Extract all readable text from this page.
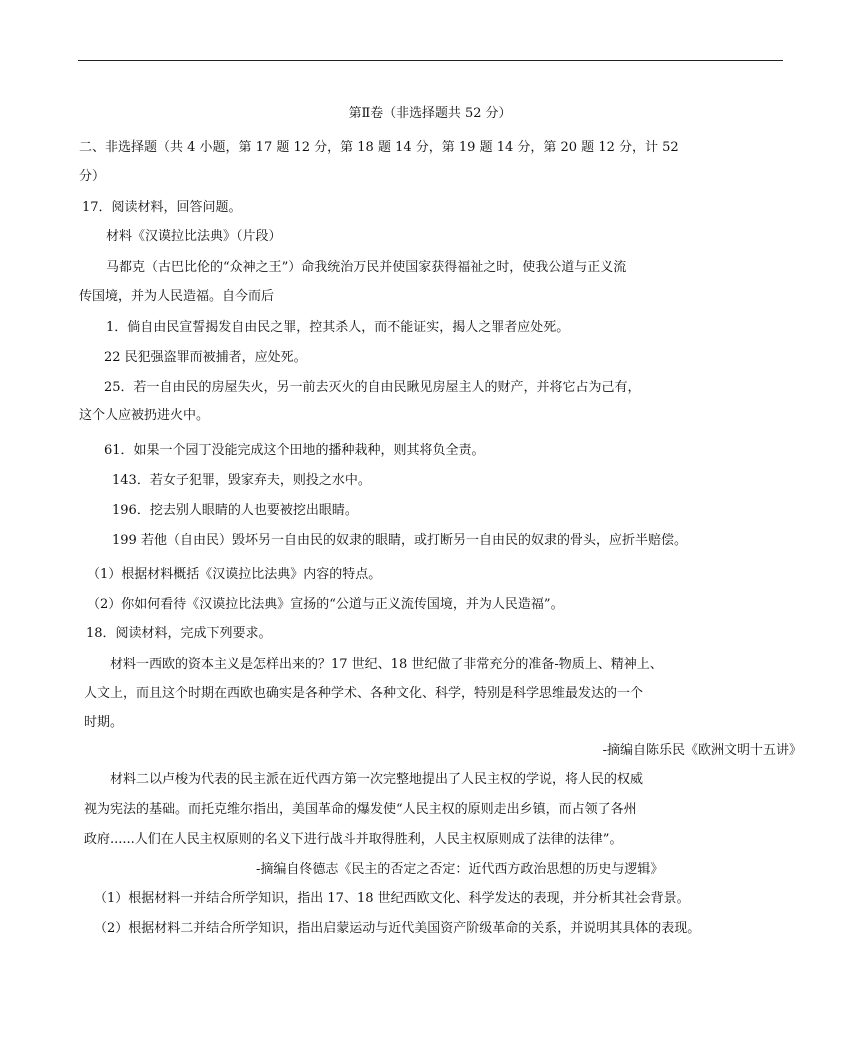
第Ⅱ卷（非选择题共 52 分）
二、非选择题（共 4 小题，第 17 题 12 分，第 18 题 14 分，第 19 题 14 分，第 20 题 12 分，计 52
分）
17．阅读材料，回答问题。
材料《汉谟拉比法典》（片段）
马都克（古巴比伦的“众神之王”）命我统治万民并使国家获得福祉之时，使我公道与正义流
传国境，并为人民造福。自今而后
1．倘自由民宣誓揭发自由民之罪，控其杀人，而不能证实，揭人之罪者应处死。
22 民犯强盗罪而被捕者，应处死。
25．若一自由民的房屋失火，另一前去灭火的自由民瞅见房屋主人的财产，并将它占为己有，
这个人应被扔进火中。
61．如果一个园丁没能完成这个田地的播种栽种，则其将负全责。
143．若女子犯罪，毁家弃夫，则投之水中。
196．挖去别人眼睛的人也要被挖出眼睛。
199 若他（自由民）毁坏另一自由民的奴隶的眼睛，或打断另一自由民的奴隶的骨头，应折半赔偿。
（1）根据材料概括《汉谟拉比法典》内容的特点。
（2）你如何看待《汉谟拉比法典》宣扬的“公道与正义流传国境，并为人民造福”。
18．阅读材料，完成下列要求。
材料一西欧的资本主义是怎样出来的？17 世纪、18 世纪做了非常充分的准备-物质上、精神上、
人文上，而且这个时期在西欧也确实是各种学术、各种文化、科学，特别是科学思维最发达的一个
时期。
-摘编自陈乐民《欧洲文明十五讲》
材料二以卢梭为代表的民主派在近代西方第一次完整地提出了人民主权的学说，将人民的权威
视为宪法的基础。而托克维尔指出，美国革命的爆发使“人民主权的原则走出乡镇，而占领了各州
政府......人们在人民主权原则的名义下进行战斗并取得胜利，人民主权原则成了法律的法律”。
-摘编自佟德志《民主的否定之否定：近代西方政治思想的历史与逻辑》
（1）根据材料一并结合所学知识，指出 17、18 世纪西欧文化、科学发达的表现，并分析其社会背景。
（2）根据材料二并结合所学知识，指出启蒙运动与近代美国资产阶级革命的关系，并说明其具体的表现。
